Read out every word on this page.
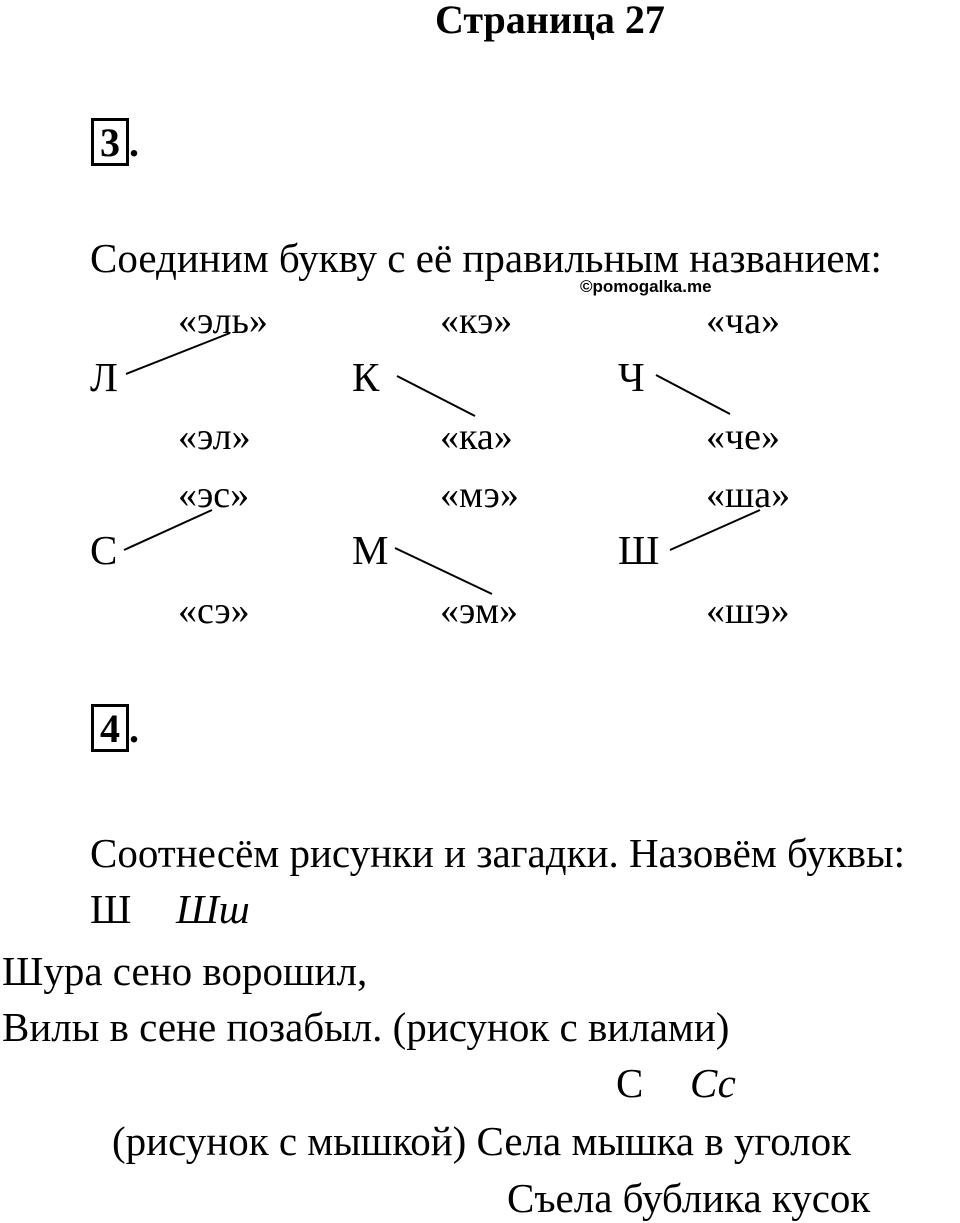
Страница 27
3 .
Соединим букву с её правильным названием:
©pomogalka.me
«эль»
Л
«эл»
«кэ»
К
«ка»
«ча»
Ч
«че»
«эс»
С
«сэ»
«мэ»
М
«эм»
«ша»
Ш
«шэ»
4 .
Соотнесём рисунки и загадки. Назовём буквы:
Ш Шш
Шура сено ворошил,
Вилы в сене позабыл. (рисунок с вилами)
С Сс
(рисунок с мышкой) Села мышка в уголок
Съела бублика кусок
